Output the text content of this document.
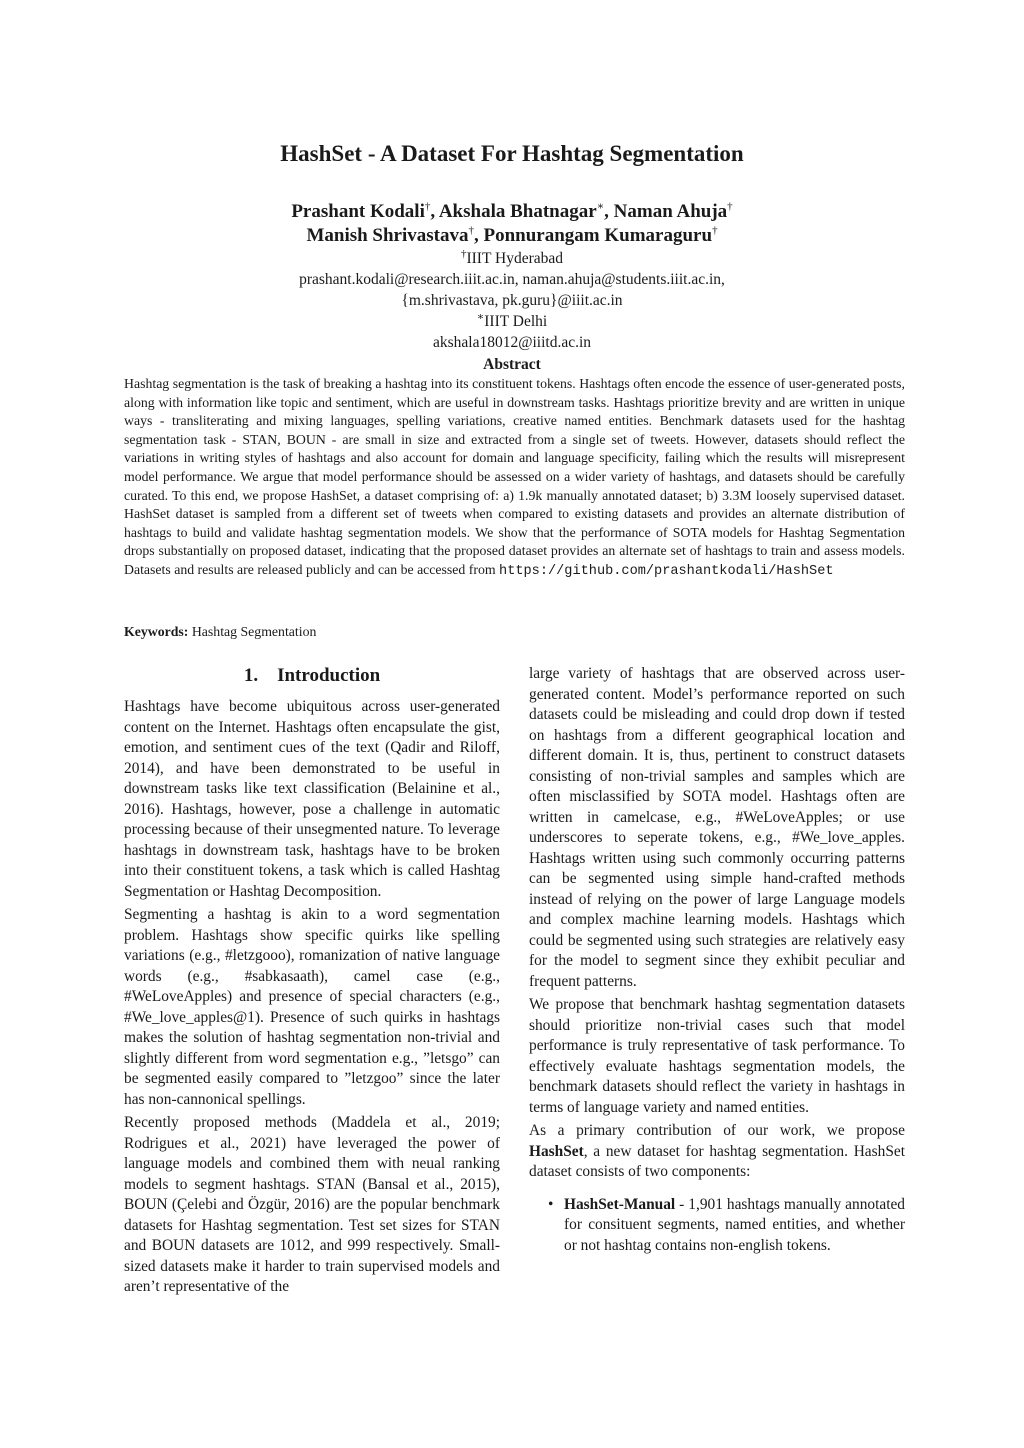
HashSet - A Dataset For Hashtag Segmentation
Prashant Kodali†, Akshala Bhatnagar∗, Naman Ahuja†
Manish Shrivastava†, Ponnurangam Kumaraguru†
†IIIT Hyderabad
prashant.kodali@research.iiit.ac.in, naman.ahuja@students.iiit.ac.in,
{m.shrivastava, pk.guru}@iiit.ac.in
∗IIIT Delhi
akshala18012@iiitd.ac.in
Abstract
Hashtag segmentation is the task of breaking a hashtag into its constituent tokens. Hashtags often encode the essence of user-generated posts, along with information like topic and sentiment, which are useful in downstream tasks. Hashtags prioritize brevity and are written in unique ways - transliterating and mixing languages, spelling variations, creative named entities. Benchmark datasets used for the hashtag segmentation task - STAN, BOUN - are small in size and extracted from a single set of tweets. However, datasets should reflect the variations in writing styles of hashtags and also account for domain and language specificity, failing which the results will misrepresent model performance. We argue that model performance should be assessed on a wider variety of hashtags, and datasets should be carefully curated. To this end, we propose HashSet, a dataset comprising of: a) 1.9k manually annotated dataset; b) 3.3M loosely supervised dataset. HashSet dataset is sampled from a different set of tweets when compared to existing datasets and provides an alternate distribution of hashtags to build and validate hashtag segmentation models. We show that the performance of SOTA models for Hashtag Segmentation drops substantially on proposed dataset, indicating that the proposed dataset provides an alternate set of hashtags to train and assess models. Datasets and results are released publicly and can be accessed from https://github.com/prashantkodali/HashSet
Keywords: Hashtag Segmentation
1.    Introduction

Hashtags have become ubiquitous across user-generated content on the Internet. Hashtags often encapsulate the gist, emotion, and sentiment cues of the text (Qadir and Riloff, 2014), and have been demonstrated to be useful in downstream tasks like text classification (Belainine et al., 2016). Hashtags, however, pose a challenge in automatic processing because of their unsegmented nature. To leverage hashtags in downstream task, hashtags have to be broken into their constituent tokens, a task which is called Hashtag Segmentation or Hashtag Decomposition.

Segmenting a hashtag is akin to a word segmentation problem. Hashtags show specific quirks like spelling variations (e.g., #letzgooo), romanization of native language words (e.g., #sabkasaath), camel case (e.g., #WeLoveApples) and presence of special characters (e.g., #We_love_apples@1). Presence of such quirks in hashtags makes the solution of hashtag segmentation non-trivial and slightly different from word segmentation e.g., ”letsgo” can be segmented easily compared to ”letzgoo” since the later has non-cannonical spellings.

Recently proposed methods (Maddela et al., 2019; Rodrigues et al., 2021) have leveraged the power of language models and combined them with neual ranking models to segment hashtags. STAN (Bansal et al., 2015), BOUN (Çelebi and Özgür, 2016) are the popular benchmark datasets for Hashtag segmentation. Test set sizes for STAN and BOUN datasets are 1012, and 999 respectively. Small-sized datasets make it harder to train supervised models and aren’t representative of the

large variety of hashtags that are observed across user-generated content. Model’s performance reported on such datasets could be misleading and could drop down if tested on hashtags from a different geographical location and different domain. It is, thus, pertinent to construct datasets consisting of non-trivial samples and samples which are often misclassified by SOTA model. Hashtags often are written in camelcase, e.g., #WeLoveApples; or use underscores to seperate tokens, e.g., #We_love_apples. Hashtags written using such commonly occurring patterns can be segmented using simple hand-crafted methods instead of relying on the power of large Language models and complex machine learning models. Hashtags which could be segmented using such strategies are relatively easy for the model to segment since they exhibit peculiar and frequent patterns.

We propose that benchmark hashtag segmentation datasets should prioritize non-trivial cases such that model performance is truly representative of task performance. To effectively evaluate hashtags segmentation models, the benchmark datasets should reflect the variety in hashtags in terms of language variety and named entities.

As a primary contribution of our work, we propose HashSet, a new dataset for hashtag segmentation. HashSet dataset consists of two components:

• HashSet-Manual - 1,901 hashtags manually annotated for consituent segments, named entities, and whether or not hashtag contains non-english tokens.
